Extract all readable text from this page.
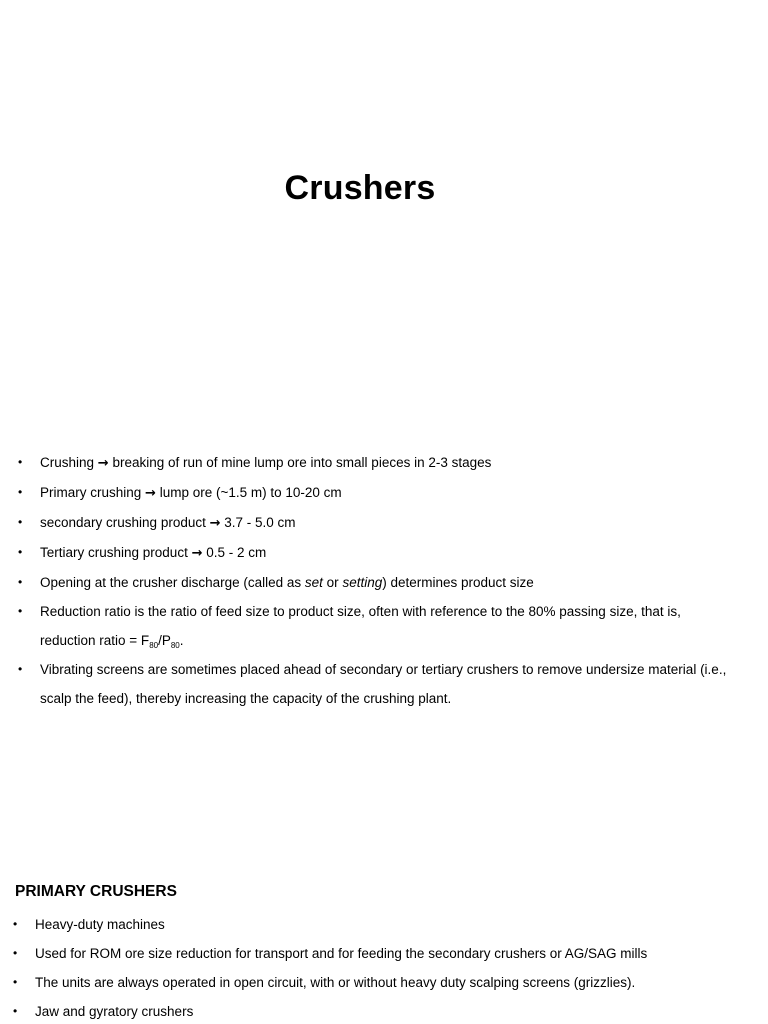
Crushers
• Crushing → breaking of run of mine lump ore into small pieces in 2-3 stages
• Primary crushing → lump ore (~1.5 m) to 10-20 cm
• secondary crushing product → 3.7 - 5.0 cm
• Tertiary crushing product → 0.5 - 2 cm
• Opening at the crusher discharge (called as set or setting) determines product size
• Reduction ratio is the ratio of feed size to product size, often with reference to the 80% passing size, that is, reduction ratio = $F_{80}/P_{80}$.
• Vibrating screens are sometimes placed ahead of secondary or tertiary crushers to remove undersize material (i.e., scalp the feed), thereby increasing the capacity of the crushing plant.
PRIMARY CRUSHERS
• Heavy-duty machines
• Used for ROM ore size reduction for transport and for feeding the secondary crushers or AG/SAG mills
• The units are always operated in open circuit, with or without heavy duty scalping screens (grizzlies).
• Jaw and gyratory crushers
